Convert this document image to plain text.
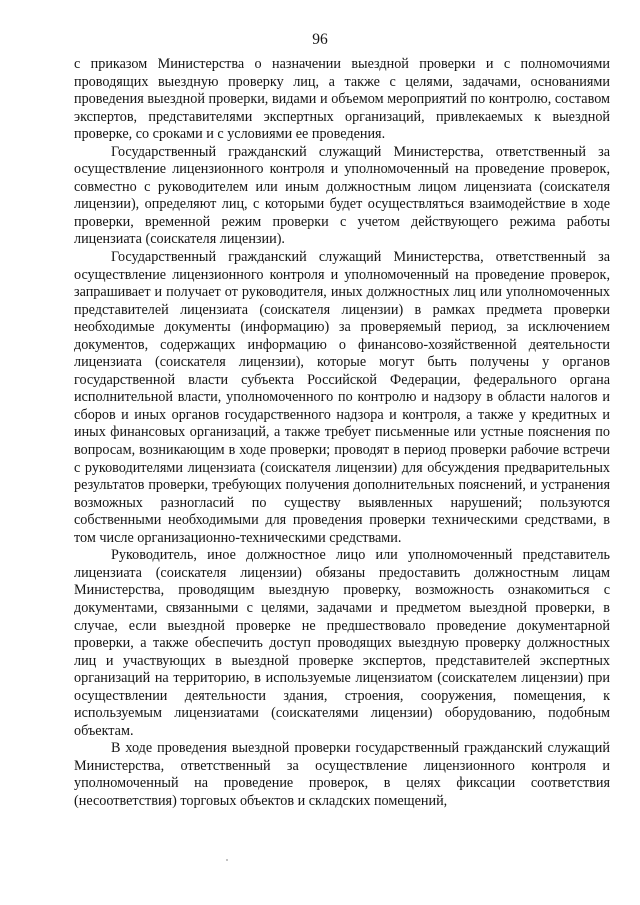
96

с приказом Министерства о назначении выездной проверки и с полномочиями проводящих выездную проверку лиц, а также с целями, задачами, основаниями проведения выездной проверки, видами и объемом мероприятий по контролю, составом экспертов, представителями экспертных организаций, привлекаемых к выездной проверке, со сроками и с условиями ее проведения.

Государственный гражданский служащий Министерства, ответственный за осуществление лицензионного контроля и уполномоченный на проведение проверок, совместно с руководителем или иным должностным лицом лицензиата (соискателя лицензии), определяют лиц, с которыми будет осуществляться взаимодействие в ходе проверки, временной режим проверки с учетом действующего режима работы лицензиата (соискателя лицензии).

Государственный гражданский служащий Министерства, ответственный за осуществление лицензионного контроля и уполномоченный на проведение проверок, запрашивает и получает от руководителя, иных должностных лиц или уполномоченных представителей лицензиата (соискателя лицензии) в рамках предмета проверки необходимые документы (информацию) за проверяемый период, за исключением документов, содержащих информацию о финансово-хозяйственной деятельности лицензиата (соискателя лицензии), которые могут быть получены у органов государственной власти субъекта Российской Федерации, федерального органа исполнительной власти, уполномоченного по контролю и надзору в области налогов и сборов и иных органов государственного надзора и контроля, а также у кредитных и иных финансовых организаций, а также требует письменные или устные пояснения по вопросам, возникающим в ходе проверки; проводят в период проверки рабочие встречи с руководителями лицензиата (соискателя лицензии) для обсуждения предварительных результатов проверки, требующих получения дополнительных пояснений, и устранения возможных разногласий по существу выявленных нарушений; пользуются собственными необходимыми для проведения проверки техническими средствами, в том числе организационно-техническими средствами.

Руководитель, иное должностное лицо или уполномоченный представитель лицензиата (соискателя лицензии) обязаны предоставить должностным лицам Министерства, проводящим выездную проверку, возможность ознакомиться с документами, связанными с целями, задачами и предметом выездной проверки, в случае, если выездной проверке не предшествовало проведение документарной проверки, а также обеспечить доступ проводящих выездную проверку должностных лиц и участвующих в выездной проверке экспертов, представителей экспертных организаций на территорию, в используемые лицензиатом (соискателем лицензии) при осуществлении деятельности здания, строения, сооружения, помещения, к используемым лицензиатами (соискателями лицензии) оборудованию, подобным объектам.

В ходе проведения выездной проверки государственный гражданский служащий Министерства, ответственный за осуществление лицензионного контроля и уполномоченный на проведение проверок, в целях фиксации соответствия (несоответствия) торговых объектов и складских помещений,
